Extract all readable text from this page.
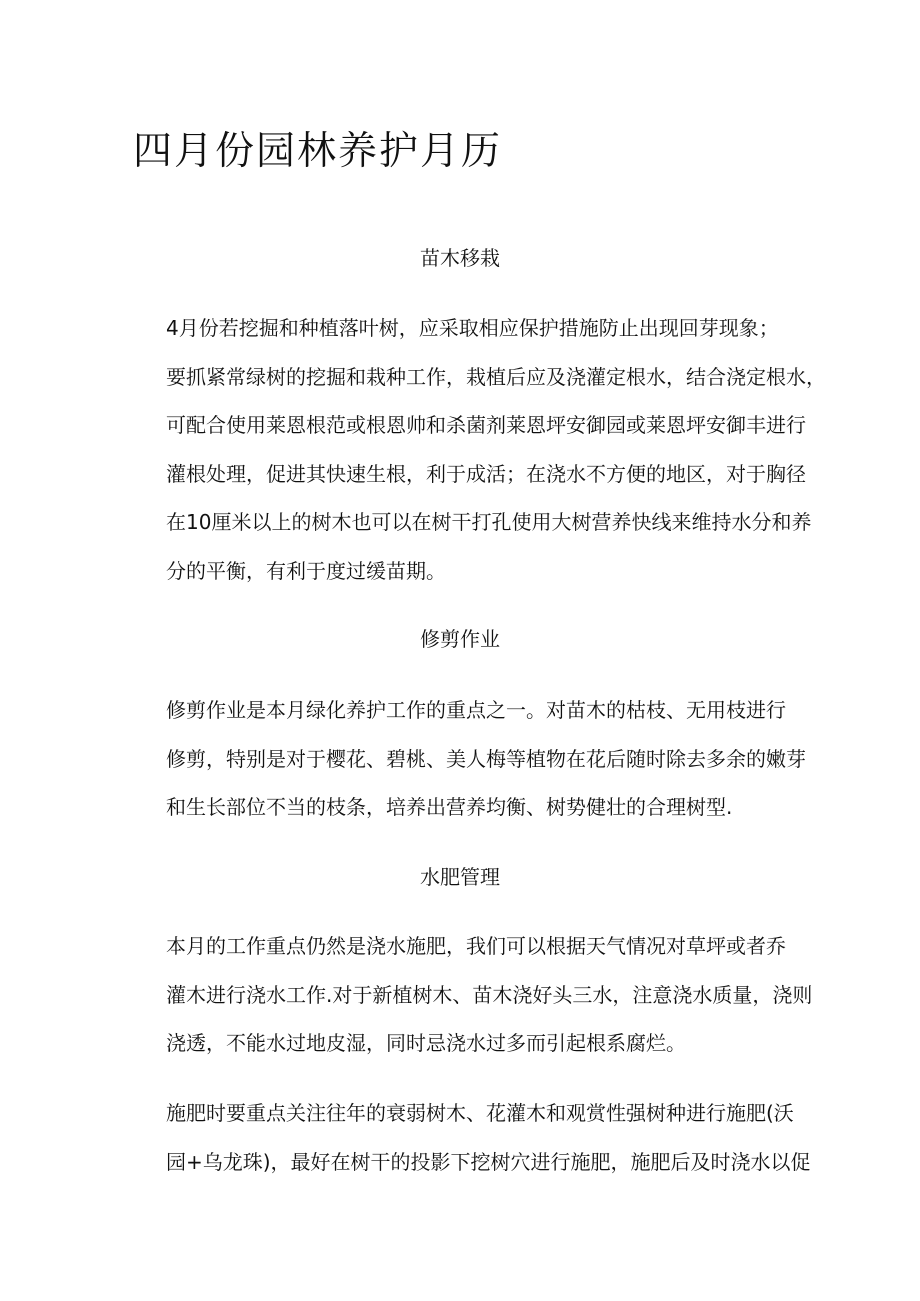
四月份园林养护月历
苗木移栽

4月份若挖掘和种植落叶树，应采取相应保护措施防止出现回芽现象；
要抓紧常绿树的挖掘和栽种工作，栽植后应及浇灌定根水，结合浇定根水，
可配合使用莱恩根范或根恩帅和杀菌剂莱恩坪安御园或莱恩坪安御丰进行
灌根处理，促进其快速生根，利于成活；在浇水不方便的地区，对于胸径
在10厘米以上的树木也可以在树干打孔使用大树营养快线来维持水分和养
分的平衡，有利于度过缓苗期。

修剪作业

修剪作业是本月绿化养护工作的重点之一。对苗木的枯枝、无用枝进行
修剪，特别是对于樱花、碧桃、美人梅等植物在花后随时除去多余的嫩芽
和生长部位不当的枝条，培养出营养均衡、树势健壮的合理树型.

水肥管理

本月的工作重点仍然是浇水施肥，我们可以根据天气情况对草坪或者乔
灌木进行浇水工作.对于新植树木、苗木浇好头三水，注意浇水质量，浇则
浇透，不能水过地皮湿，同时忌浇水过多而引起根系腐烂。

施肥时要重点关注往年的衰弱树木、花灌木和观赏性强树种进行施肥(沃
园+乌龙珠)，最好在树干的投影下挖树穴进行施肥，施肥后及时浇水以促
